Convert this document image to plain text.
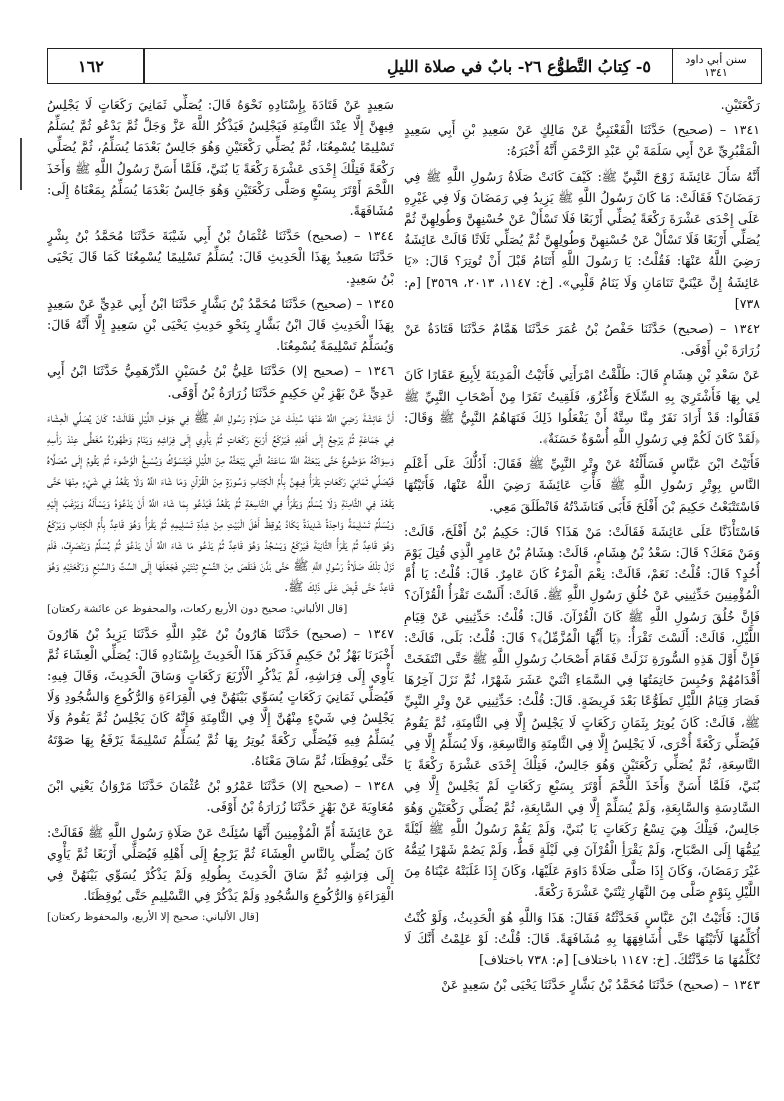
سنن أبي داود
١٣٤١
٥- كِتابُ التَّطوُّع ٢٦- بابٌ في صلاة الليلِ
١٦٢

رَكْعَتَيْنِ.

١٣٤١ – (صحيح) حَدَّثَنَا الْقَعْنَبِيُّ عَنْ مَالِكٍ عَنْ سَعِيدِ بْنِ أَبِي سَعِيدٍ الْمَقْبُرِيِّ عَنْ أَبِي سَلَمَةَ بْنِ عَبْدِ الرَّحْمَنِ أَنَّهُ أَخْبَرَهُ:

أَنَّهُ سَأَلَ عَائِشَةَ زَوْجَ النَّبِيِّ ﷺ: كَيْفَ كَانَتْ صَلَاةُ رَسُولِ اللَّهِ ﷺ فِي رَمَضَانَ؟ فَقَالَتْ: مَا كَانَ رَسُولُ اللَّهِ ﷺ يَزِيدُ فِي رَمَضَانَ وَلَا فِي غَيْرِهِ عَلَى إِحْدَى عَشْرَةَ رَكْعَةً يُصَلِّي أَرْبَعًا فَلَا تَسْأَلْ عَنْ حُسْنِهِنَّ وَطُولِهِنَّ ثُمَّ يُصَلِّي أَرْبَعًا فَلَا تَسْأَلْ عَنْ حُسْنِهِنَّ وَطُولِهِنَّ ثُمَّ يُصَلِّي ثَلَاثًا قَالَتْ عَائِشَةُ رَضِيَ اللَّهُ عَنْهَا: فَقُلْتُ: يَا رَسُولَ اللَّهِ أَتَنَامُ قَبْلَ أَنْ تُوتِرَ؟ قَالَ: «يَا عَائِشَةُ إِنَّ عَيْنَيَّ تَنَامَانِ وَلَا يَنَامُ قَلْبِي». [خ: ١١٤٧، ٢٠١٣، ٣٥٦٩] [م: ٧٣٨]

١٣٤٢ – (صحيح) حَدَّثَنَا حَفْصُ بْنُ عُمَرَ حَدَّثَنَا هَمَّامٌ حَدَّثَنَا قَتَادَةُ عَنْ زُرَارَةَ بْنِ أَوْفَى.

عَنْ سَعْدِ بْنِ هِشَامٍ قَالَ: طَلَّقْتُ امْرَأَتِي فَأَتَيْتُ الْمَدِينَةَ لِأَبِيعَ عَقَارًا كَانَ لِي بِهَا فَأَشْتَرِيَ بِهِ السِّلَاحَ وَأَغْزُوَ، فَلَقِيتُ نَفَرًا مِنْ أَصْحَابِ النَّبِيِّ ﷺ فَقَالُوا: قَدْ أَرَادَ نَفَرٌ مِنَّا سِتَّةٌ أَنْ يَفْعَلُوا ذَلِكَ فَنَهَاهُمُ النَّبِيُّ ﷺ وَقَالَ: ﴿لَقَدْ كَانَ لَكُمْ فِي رَسُولِ اللَّهِ أُسْوَةٌ حَسَنَةٌ﴾.

فَأَتَيْتُ ابْنَ عَبَّاسٍ فَسَأَلْتُهُ عَنْ وِتْرِ النَّبِيِّ ﷺ فَقَالَ: أَدُلُّكَ عَلَى أَعْلَمِ النَّاسِ بِوِتْرِ رَسُولِ اللَّهِ ﷺ فَأْتِ عَائِشَةَ رَضِيَ اللَّهُ عَنْهَا، فَأَتَيْتُهَا فَاسْتَتْبَعْتُ حَكِيمَ بْنَ أَفْلَحَ فَأَبَى فَنَاشَدْتُهُ فَانْطَلَقَ مَعِي.

فَاسْتَأْذَنَّا عَلَى عَائِشَةَ فَقَالَتْ: مَنْ هَذَا؟ قَالَ: حَكِيمُ بْنُ أَفْلَحَ، قَالَتْ: وَمَنْ مَعَكَ؟ قَالَ: سَعْدُ بْنُ هِشَامٍ، قَالَتْ: هِشَامُ بْنُ عَامِرٍ الَّذِي قُتِلَ يَوْمَ أُحُدٍ؟ قَالَ: قُلْتُ: نَعَمْ، قَالَتْ: نِعْمَ الْمَرْءُ كَانَ عَامِرٌ. قَالَ: قُلْتُ: يَا أُمَّ الْمُؤْمِنِينَ حَدِّثِينِي عَنْ خُلُقِ رَسُولِ اللَّهِ ﷺ. قَالَتْ: أَلَسْتَ تَقْرَأُ الْقُرْآنَ؟ فَإِنَّ خُلُقَ رَسُولِ اللَّهِ ﷺ كَانَ الْقُرْآنَ. قَالَ: قُلْتُ: حَدِّثِينِي عَنْ قِيَامِ اللَّيْلِ، قَالَتْ: أَلَسْتَ تَقْرَأُ: ﴿يَا أَيُّهَا الْمُزَّمِّلُ﴾؟ قَالَ: قُلْتُ: بَلَى، قَالَتْ: فَإِنَّ أَوَّلَ هَذِهِ السُّورَةِ نَزَلَتْ فَقَامَ أَصْحَابُ رَسُولِ اللَّهِ ﷺ حَتَّى انْتَفَخَتْ أَقْدَامُهُمْ وَحُبِسَ خَاتِمَتُهَا فِي السَّمَاءِ اثْنَيْ عَشَرَ شَهْرًا، ثُمَّ نَزَلَ آخِرُهَا فَصَارَ قِيَامُ اللَّيْلِ تَطَوُّعًا بَعْدَ فَرِيضَةٍ. قَالَ: قُلْتُ: حَدِّثِينِي عَنْ وِتْرِ النَّبِيِّ ﷺ، قَالَتْ: كَانَ يُوتِرُ بِثَمَانِ رَكَعَاتٍ لَا يَجْلِسُ إِلَّا فِي الثَّامِنَةِ، ثُمَّ يَقُومُ فَيُصَلِّي رَكْعَةً أُخْرَى، لَا يَجْلِسُ إِلَّا فِي الثَّامِنَةِ وَالتَّاسِعَةِ، وَلَا يُسَلِّمُ إِلَّا فِي التَّاسِعَةِ، ثُمَّ يُصَلِّي رَكْعَتَيْنِ وَهُوَ جَالِسٌ، فَتِلْكَ إِحْدَى عَشْرَةَ رَكْعَةً يَا بُنَيَّ، فَلَمَّا أَسَنَّ وَأَخَذَ اللَّحْمَ أَوْتَرَ بِسَبْعِ رَكَعَاتٍ لَمْ يَجْلِسْ إِلَّا فِي السَّادِسَةِ وَالسَّابِعَةِ، وَلَمْ يُسَلِّمْ إِلَّا فِي السَّابِعَةِ، ثُمَّ يُصَلِّي رَكْعَتَيْنِ وَهُوَ جَالِسٌ، فَتِلْكَ هِيَ تِسْعُ رَكَعَاتٍ يَا بُنَيَّ، وَلَمْ يَقُمْ رَسُولُ اللَّهِ ﷺ لَيْلَةً يُتِمُّهَا إِلَى الصَّبَاحِ، وَلَمْ يَقْرَأِ الْقُرْآنَ فِي لَيْلَةٍ قَطُّ، وَلَمْ يَصُمْ شَهْرًا يُتِمُّهُ غَيْرَ رَمَضَانَ، وَكَانَ إِذَا صَلَّى صَلَاةً دَاوَمَ عَلَيْهَا، وَكَانَ إِذَا غَلَبَتْهُ عَيْنَاهُ مِنَ اللَّيْلِ بِنَوْمٍ صَلَّى مِنَ النَّهَارِ ثِنْتَيْ عَشْرَةَ رَكْعَةً.

قَالَ: فَأَتَيْتُ ابْنَ عَبَّاسٍ فَحَدَّثْتُهُ فَقَالَ: هَذَا وَاللَّهِ هُوَ الْحَدِيثُ، وَلَوْ كُنْتُ أُكَلِّمُهَا لَأَتَيْتُهَا حَتَّى أُشَافِهَهَا بِهِ مُشَافَهَةً. قَالَ: قُلْتُ: لَوْ عَلِمْتُ أَنَّكَ لَا تُكَلِّمُهَا مَا حَدَّثْتُكَ. [خ: ١١٤٧ باختلاف] [م: ٧٣٨ باختلاف]

١٣٤٣ – (صحيح) حَدَّثَنَا مُحَمَّدُ بْنُ بَشَّارٍ حَدَّثَنَا يَحْيَى بْنُ سَعِيدٍ عَنْ

سَعِيدٍ عَنْ قَتَادَةَ بِإِسْنَادِهِ نَحْوَهُ قَالَ: يُصَلِّي ثَمَانِيَ رَكَعَاتٍ لَا يَجْلِسُ فِيهِنَّ إِلَّا عِنْدَ الثَّامِنَةِ فَيَجْلِسُ فَيَذْكُرُ اللَّهَ عَزَّ وَجَلَّ ثُمَّ يَدْعُو ثُمَّ يُسَلِّمُ تَسْلِيمًا يُسْمِعُنَا، ثُمَّ يُصَلِّي رَكْعَتَيْنِ وَهُوَ جَالِسٌ بَعْدَمَا يُسَلِّمُ، ثُمَّ يُصَلِّي رَكْعَةً فَتِلْكَ إِحْدَى عَشْرَةَ رَكْعَةً يَا بُنَيَّ، فَلَمَّا أَسَنَّ رَسُولُ اللَّهِ ﷺ وَأَخَذَ اللَّحْمَ أَوْتَرَ بِسَبْعٍ وَصَلَّى رَكْعَتَيْنِ وَهُوَ جَالِسٌ بَعْدَمَا يُسَلِّمُ بِمَعْنَاهُ إِلَى: مُشَافَهَةً.

١٣٤٤ – (صحيح) حَدَّثَنَا عُثْمَانُ بْنُ أَبِي شَيْبَةَ حَدَّثَنَا مُحَمَّدُ بْنُ بِشْرٍ حَدَّثَنَا سَعِيدٌ بِهَذَا الْحَدِيثِ قَالَ: يُسَلِّمُ تَسْلِيمًا يُسْمِعُنَا كَمَا قَالَ يَحْيَى بْنُ سَعِيدٍ.

١٣٤٥ – (صحيح) حَدَّثَنَا مُحَمَّدُ بْنُ بَشَّارٍ حَدَّثَنَا ابْنُ أَبِي عَدِيٍّ عَنْ سَعِيدٍ بِهَذَا الْحَدِيثِ قَالَ ابْنُ بَشَّارٍ بِنَحْوِ حَدِيثِ يَحْيَى بْنِ سَعِيدٍ إِلَّا أَنَّهُ قَالَ: وَيُسَلِّمُ تَسْلِيمَةً يُسْمِعُنَا.

١٣٤٦ – (صحيح إلا) حَدَّثَنَا عَلِيُّ بْنُ حُسَيْنٍ الدِّرْهَمِيُّ حَدَّثَنَا ابْنُ أَبِي عَدِيٍّ عَنْ بَهْزِ بْنِ حَكِيمٍ حَدَّثَنَا زُرَارَةُ بْنُ أَوْفَى.

أَنَّ عَائِشَةَ رَضِيَ اللَّهُ عَنْهَا سُئِلَتْ عَنْ صَلَاةِ رَسُولِ اللَّهِ ﷺ فِي جَوْفِ اللَّيْلِ فَقَالَتْ: كَانَ يُصَلِّي الْعِشَاءَ فِي جَمَاعَةٍ ثُمَّ يَرْجِعُ إِلَى أَهْلِهِ فَيَرْكَعُ أَرْبَعَ رَكَعَاتٍ ثُمَّ يَأْوِي إِلَى فِرَاشِهِ وَيَنَامُ وَطَهُورُهُ مُغَطًّى عِنْدَ رَأْسِهِ وَسِوَاكُهُ مَوْضُوعٌ حَتَّى يَبْعَثَهُ اللَّهُ سَاعَتَهُ الَّتِي يَبْعَثُهُ مِنَ اللَّيْلِ فَيَتَسَوَّكُ وَيُسْبِغُ الْوُضُوءَ ثُمَّ يَقُومُ إِلَى مُصَلَّاهُ فَيُصَلِّي ثَمَانِيَ رَكَعَاتٍ يَقْرَأُ فِيهِنَّ بِأُمِّ الْكِتَابِ وَسُورَةٍ مِنَ الْقُرْآنِ وَمَا شَاءَ اللَّهُ وَلَا يَقْعُدُ فِي شَيْءٍ مِنْهَا حَتَّى يَقْعُدَ فِي الثَّامِنَةِ وَلَا يُسَلِّمُ وَيَقْرَأُ فِي التَّاسِعَةِ ثُمَّ يَقْعُدُ فَيَدْعُو بِمَا شَاءَ اللَّهُ أَنْ يَدْعُوَهُ وَيَسْأَلَهُ وَيَرْغَبَ إِلَيْهِ وَيُسَلِّمُ تَسْلِيمَةً وَاحِدَةً شَدِيدَةً يَكَادُ يُوقِظُ أَهْلَ الْبَيْتِ مِنْ شِدَّةِ تَسْلِيمِهِ ثُمَّ يَقْرَأُ وَهُوَ قَاعِدٌ بِأُمِّ الْكِتَابِ وَيَرْكَعُ وَهُوَ قَاعِدٌ ثُمَّ يَقْرَأُ الثَّانِيَةَ فَيَرْكَعُ وَيَسْجُدُ وَهُوَ قَاعِدٌ ثُمَّ يَدْعُو مَا شَاءَ اللَّهُ أَنْ يَدْعُوَ ثُمَّ يُسَلِّمُ وَيَنْصَرِفُ، فَلَمْ تَزَلْ تِلْكَ صَلَاةُ رَسُولِ اللَّهِ ﷺ حَتَّى بَدَّنَ فَنَقَصَ مِنَ التِّسْعِ ثِنْتَيْنِ فَجَعَلَهَا إِلَى السِّتِّ وَالسَّبْعِ وَرَكْعَتَيْهِ وَهُوَ قَاعِدٌ حَتَّى قُبِضَ عَلَى ذَلِكَ ﷺ.

[قال الألباني: صحيح دون الأربع ركعات، والمحفوظ عن عائشة ركعتان]

١٣٤٧ – (صحيح) حَدَّثَنَا هَارُونُ بْنُ عَبْدِ اللَّهِ حَدَّثَنَا يَزِيدُ بْنُ هَارُونَ أَخْبَرَنَا بَهْزُ بْنُ حَكِيمٍ فَذَكَرَ هَذَا الْحَدِيثَ بِإِسْنَادِهِ قَالَ: يُصَلِّي الْعِشَاءَ ثُمَّ يَأْوِي إِلَى فِرَاشِهِ، لَمْ يَذْكُرِ الْأَرْبَعَ رَكَعَاتٍ وَسَاقَ الْحَدِيثَ، وَقَالَ فِيهِ: فَيُصَلِّي ثَمَانِيَ رَكَعَاتٍ يُسَوِّي بَيْنَهُنَّ فِي الْقِرَاءَةِ وَالرُّكُوعِ وَالسُّجُودِ وَلَا يَجْلِسُ فِي شَيْءٍ مِنْهُنَّ إِلَّا فِي الثَّامِنَةِ فَإِنَّهُ كَانَ يَجْلِسُ ثُمَّ يَقُومُ وَلَا يُسَلِّمُ فِيهِ فَيُصَلِّي رَكْعَةً يُوتِرُ بِهَا ثُمَّ يُسَلِّمُ تَسْلِيمَةً يَرْفَعُ بِهَا صَوْتَهُ حَتَّى يُوقِظَنَا، ثُمَّ سَاقَ مَعْنَاهُ.

١٣٤٨ – (صحيح إلا) حَدَّثَنَا عَمْرُو بْنُ عُثْمَانَ حَدَّثَنَا مَرْوَانُ يَعْنِي ابْنَ مُعَاوِيَةَ عَنْ بَهْزٍ حَدَّثَنَا زُرَارَةُ بْنُ أَوْفَى.

عَنْ عَائِشَةَ أُمِّ الْمُؤْمِنِينَ أَنَّهَا سُئِلَتْ عَنْ صَلَاةِ رَسُولِ اللَّهِ ﷺ فَقَالَتْ: كَانَ يُصَلِّي بِالنَّاسِ الْعِشَاءَ ثُمَّ يَرْجِعُ إِلَى أَهْلِهِ فَيُصَلِّي أَرْبَعًا ثُمَّ يَأْوِي إِلَى فِرَاشِهِ ثُمَّ سَاقَ الْحَدِيثَ بِطُولِهِ وَلَمْ يَذْكُرْ يُسَوِّي بَيْنَهُنَّ فِي الْقِرَاءَةِ وَالرُّكُوعِ وَالسُّجُودِ وَلَمْ يَذْكُرْ فِي التَّسْلِيمِ حَتَّى يُوقِظَنَا.

[قال الألباني: صحيح إلا الأربع، والمحفوظ ركعتان]
